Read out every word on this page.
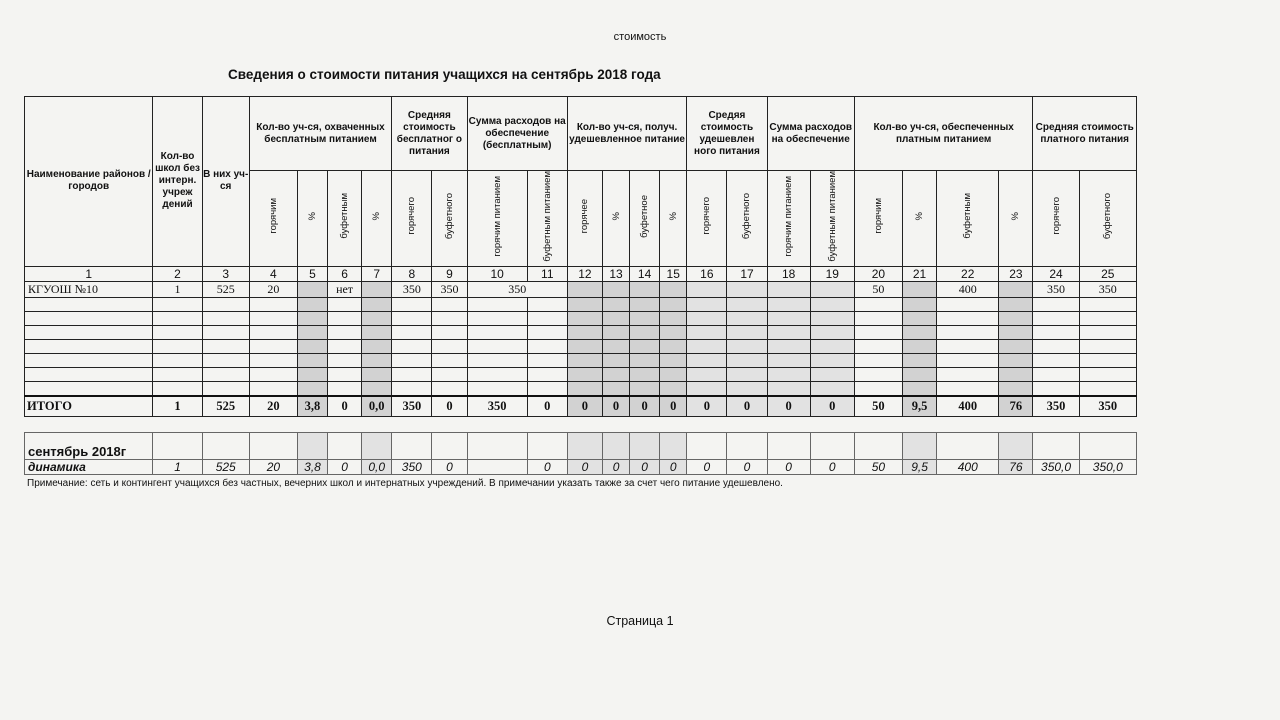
стоимость
Сведения о стоимости питания учащихся на сентябрь 2018 года
Наименование районов / городов	Кол-во школ без интерн. учреж дений	В них уч-ся	Кол-во уч-ся, охваченных бесплатным питанием				Средняя стоимость бесплатног о питания		Сумма расходов на обеспечение (бесплатным)		Кол-во уч-ся, получ. удешевленное питание				Средяя стоимость удешевлен ного питания		Сумма расходов на обеспечение		Кол-во уч-ся, обеспеченных платным питанием				Средняя стоимость платного питания	
			горячим	%	буфетным	%	горячего	буфетного	горячим питанием	буфетным питанием	горячее	%	буфетное	%	горячего	буфетного	горячим питанием	буфетным питанием	горячим	%	буфетным	%	горячего	буфетного
1	2	3	4	5	6	7	8	9	10	11	12	13	14	15	16	17	18	19	20	21	22	23	24	25
КГУОШ №10	1	525	20		нет		350	350	350										50		400		350	350

ИТОГО	1	525	20	3,8	0	0,0	350	0	350	0	0	0	0	0	0	0	0	0	50	9,5	400	76	350	350
сентябрь 2018г																								
динамика	1	525	20	3,8	0	0,0	350	0		0	0	0	0	0	0	0	0	0	50	9,5	400	76	350,0	350,0
Примечание: сеть и контингент учащихся без частных, вечерних школ и интернатных учреждений. В примечании указать также за счет чего питание удешевлено.
Страница 1
